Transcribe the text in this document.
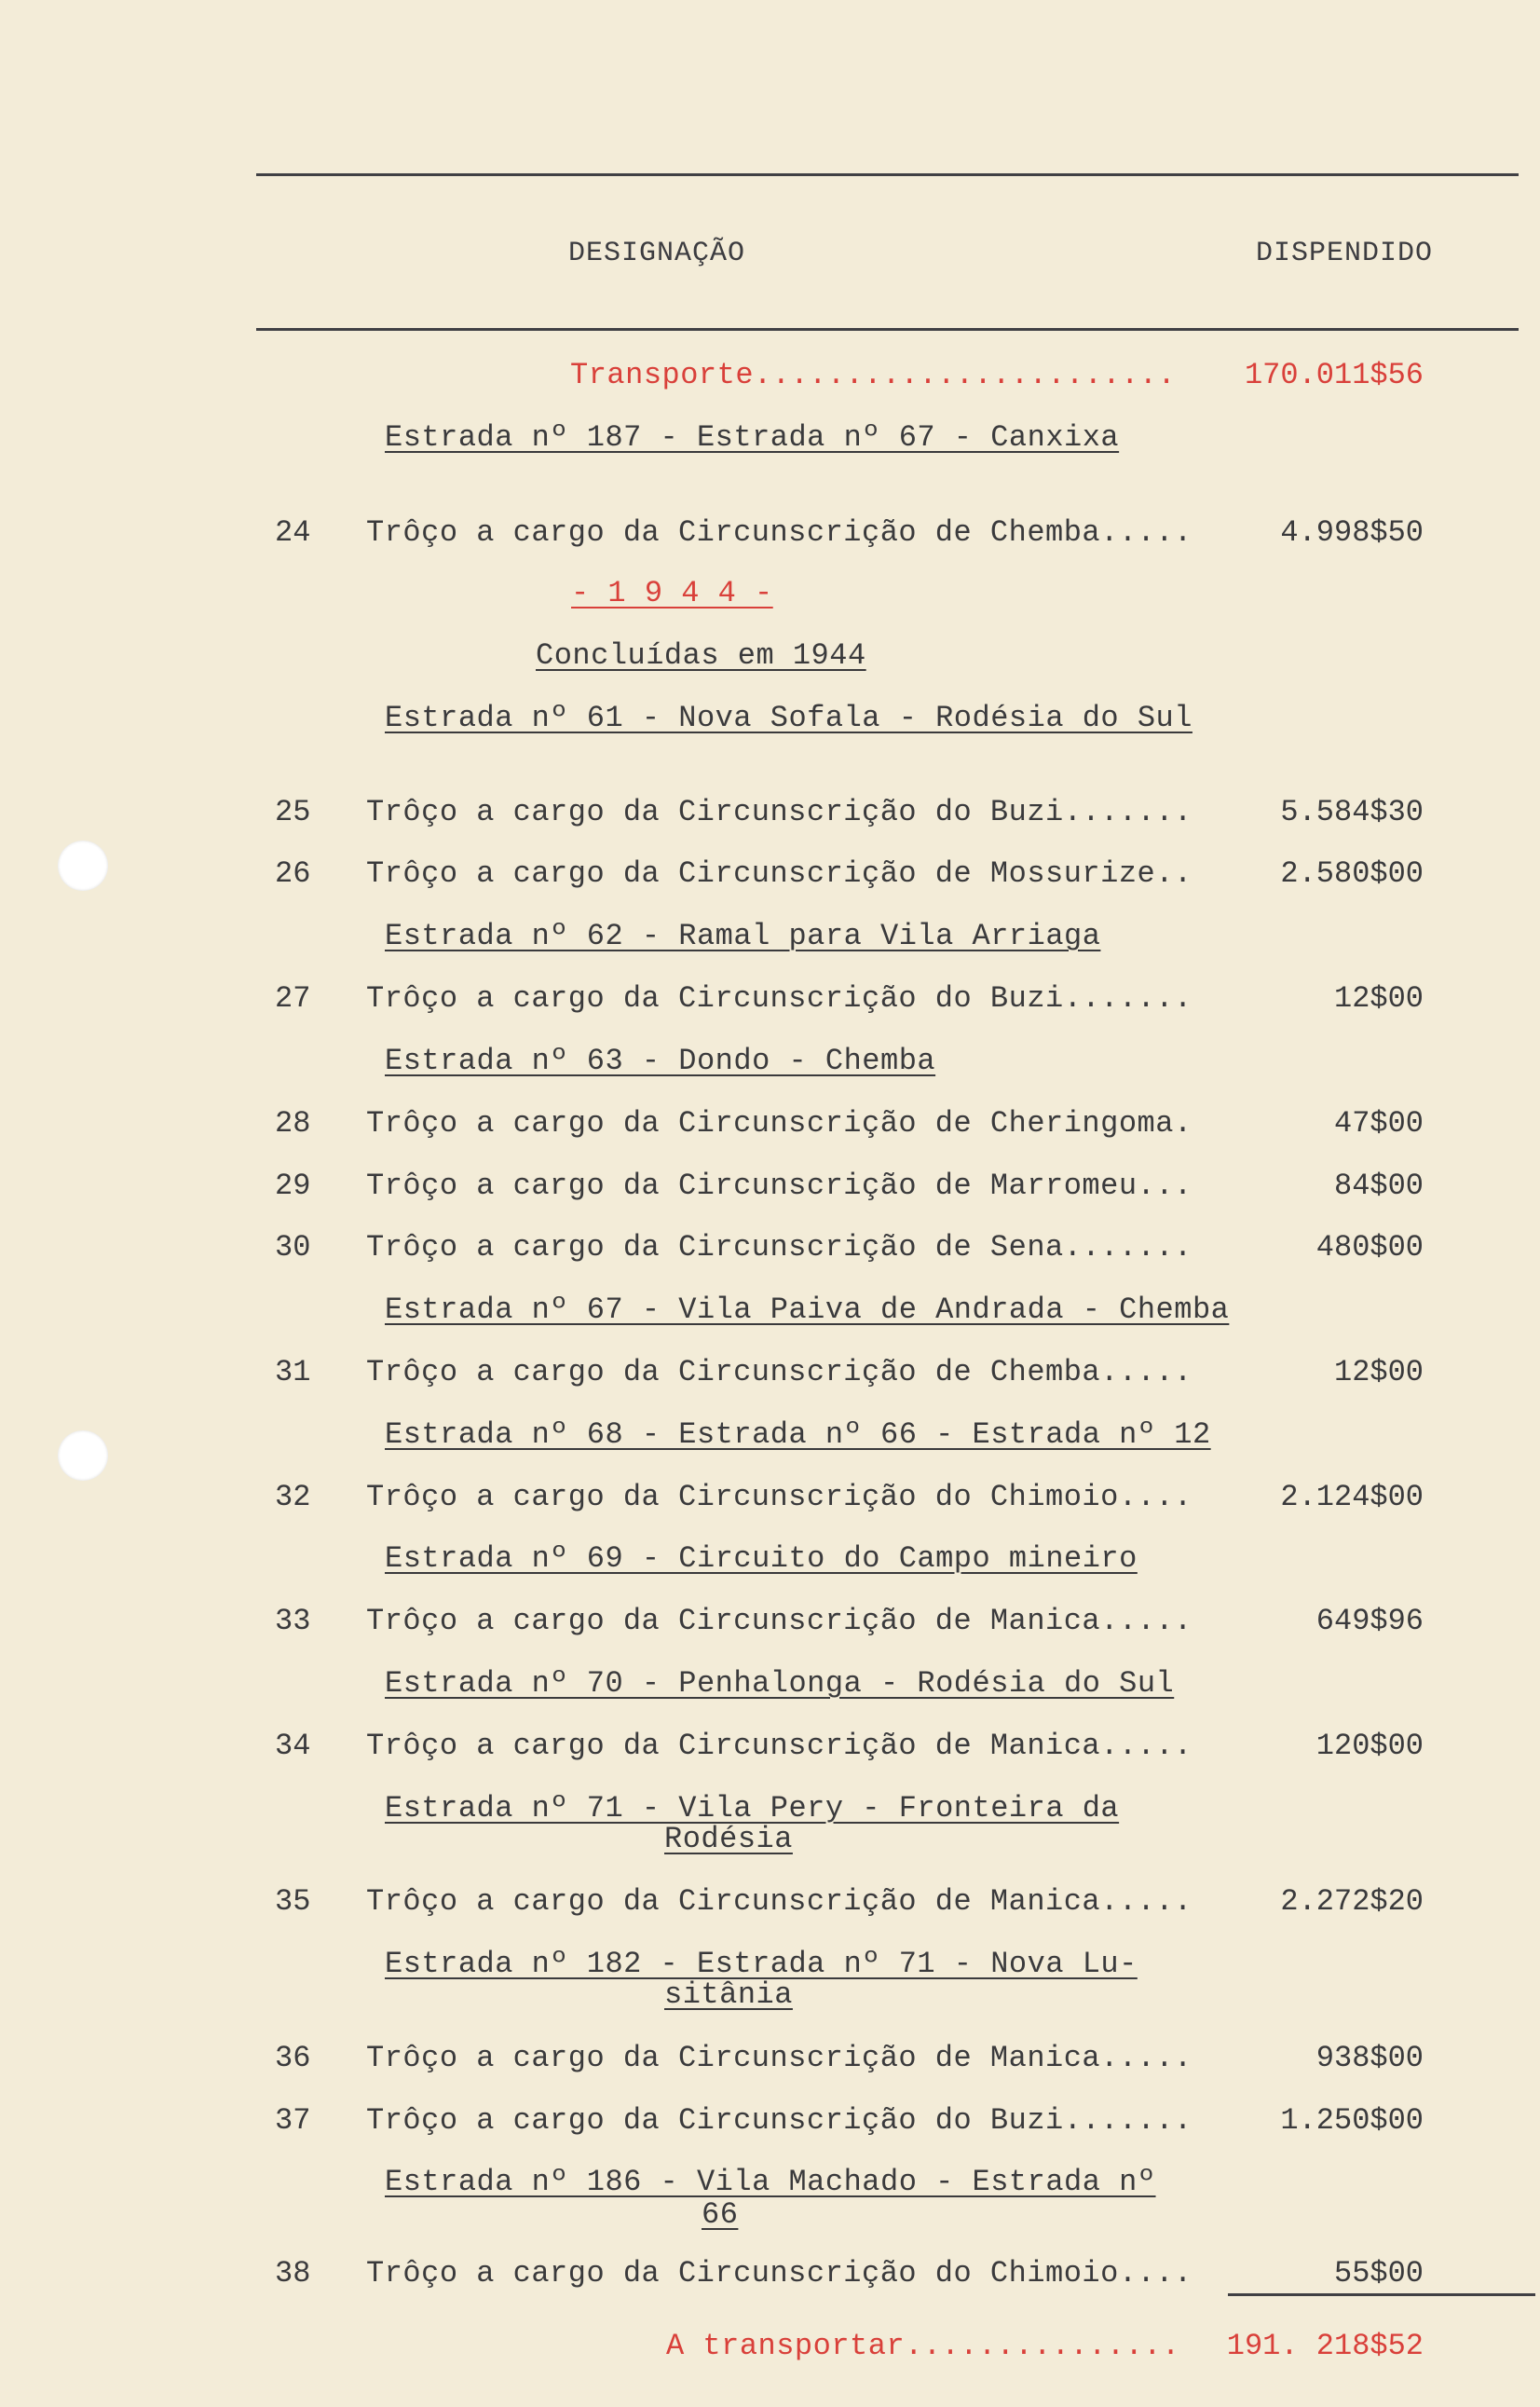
DESIGNAÇÃO	DISPENDIDO
Transporte....................... 170.011$56
Estrada nº 187 - Estrada nº 67 - Canxixa
24 Trôço a cargo da Circunscrição de Chemba.....	4.998$50
- 1 9 4 4 -
Concluídas em 1944
Estrada nº 61 - Nova Sofala - Rodésia do Sul
25 Trôço a cargo da Circunscrição do Buzi.......	5.584$30
26 Trôço a cargo da Circunscrição de Mossurize..	2.580$00
Estrada nº 62 - Ramal para Vila Arriaga
27 Trôço a cargo da Circunscrição do Buzi.......	12$00
Estrada nº 63 - Dondo - Chemba
28 Trôço a cargo da Circunscrição de Cheringoma.	47$00
29 Trôço a cargo da Circunscrição de Marromeu...	84$00
30 Trôço a cargo da Circunscrição de Sena.......	480$00
Estrada nº 67 - Vila Paiva de Andrada - Chemba
31 Trôço a cargo da Circunscrição de Chemba.....	12$00
Estrada nº 68 - Estrada nº 66 - Estrada nº 12
32 Trôço a cargo da Circunscrição do Chimoio....	2.124$00
Estrada nº 69 - Circuito do Campo mineiro
33 Trôço a cargo da Circunscrição de Manica.....	649$96
Estrada nº 70 - Penhalonga - Rodésia do Sul
34 Trôço a cargo da Circunscrição de Manica.....	120$00
Estrada nº 71 - Vila Pery - Fronteira da
Rodésia
35 Trôço a cargo da Circunscrição de Manica.....	2.272$20
Estrada nº 182 - Estrada nº 71 - Nova Lu-
sitânia
36 Trôço a cargo da Circunscrição de Manica.....	938$00
37 Trôço a cargo da Circunscrição do Buzi.......	1.250$00
Estrada nº 186 - Vila Machado - Estrada nº
66
38 Trôço a cargo da Circunscrição do Chimoio....	55$00
A transportar............... 191. 218$52
